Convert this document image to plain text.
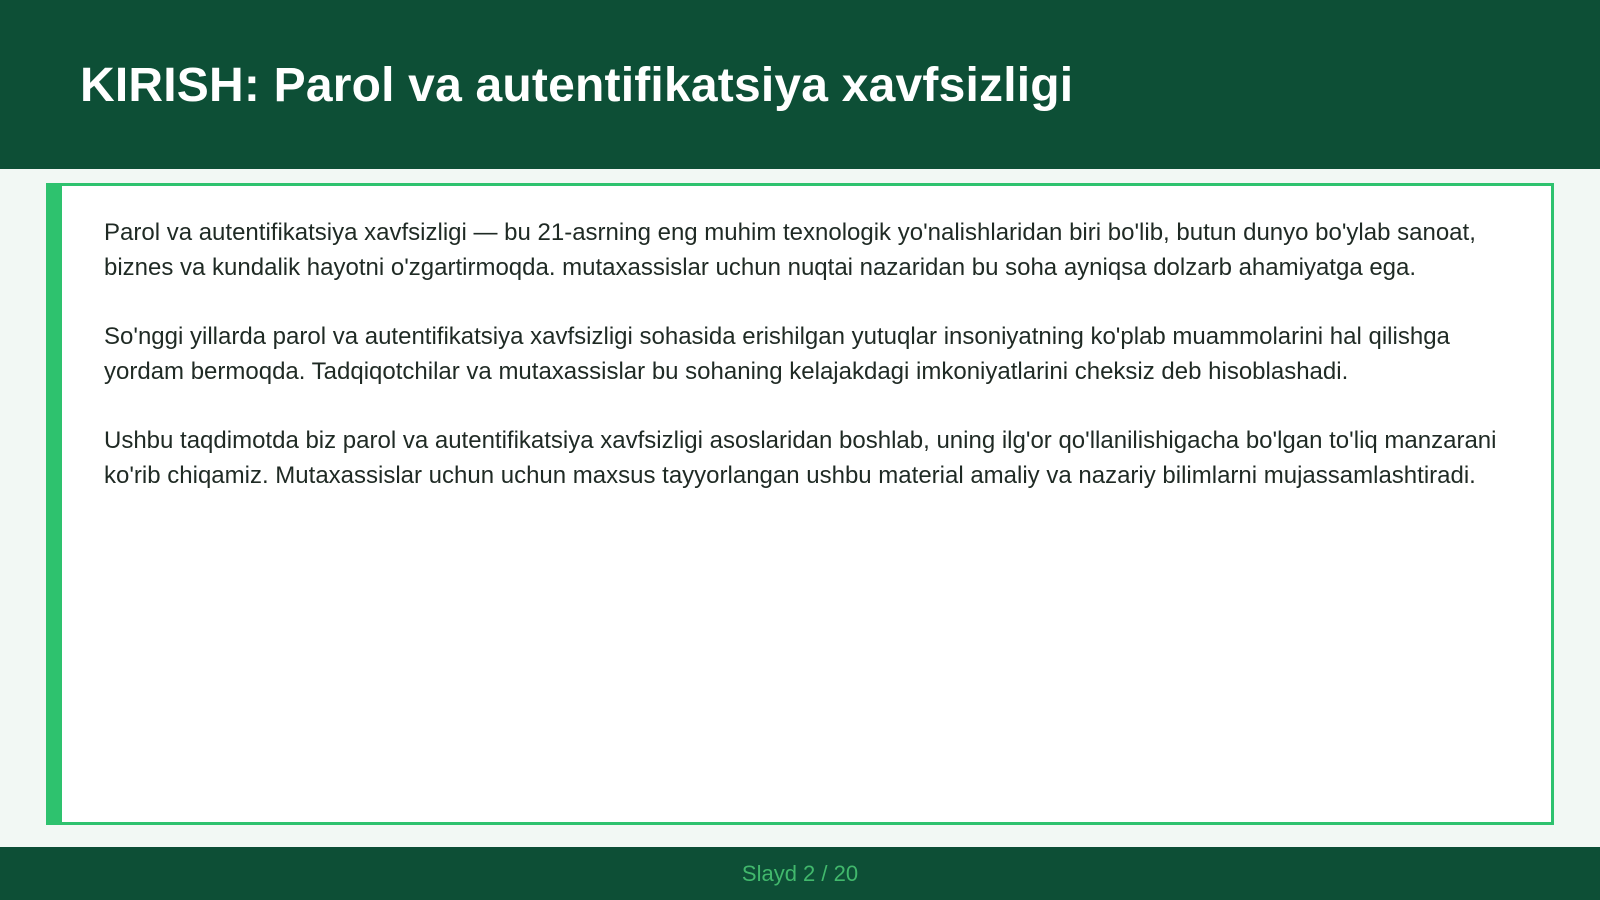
KIRISH: Parol va autentifikatsiya xavfsizligi

Parol va autentifikatsiya xavfsizligi — bu 21-asrning eng muhim texnologik yo'nalishlaridan biri bo'lib, butun dunyo bo'ylab sanoat, biznes va kundalik hayotni o'zgartirmoqda. mutaxassislar uchun nuqtai nazaridan bu soha ayniqsa dolzarb ahamiyatga ega.

So'nggi yillarda parol va autentifikatsiya xavfsizligi sohasida erishilgan yutuqlar insoniyatning ko'plab muammolarini hal qilishga yordam bermoqda. Tadqiqotchilar va mutaxassislar bu sohaning kelajakdagi imkoniyatlarini cheksiz deb hisoblashadi.

Ushbu taqdimotda biz parol va autentifikatsiya xavfsizligi asoslaridan boshlab, uning ilg'or qo'llanilishigacha bo'lgan to'liq manzarani ko'rib chiqamiz. Mutaxassislar uchun uchun maxsus tayyorlangan ushbu material amaliy va nazariy bilimlarni mujassamlashtiradi.

Slayd 2 / 20
